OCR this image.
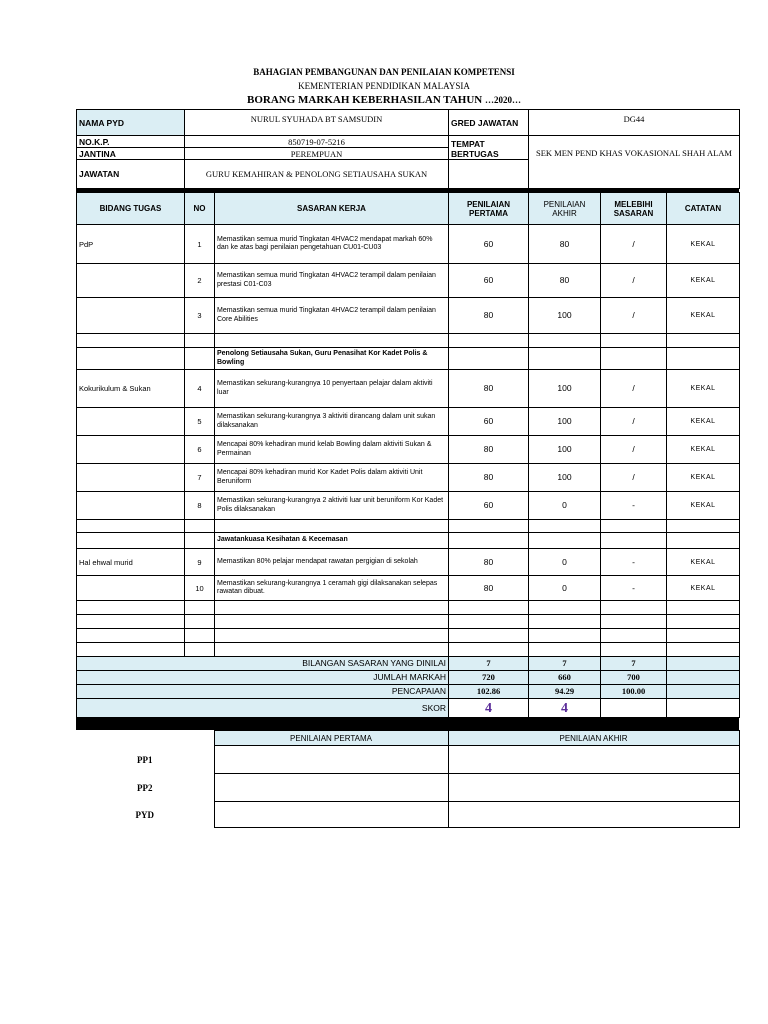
BAHAGIAN PEMBANGUNAN DAN PENILAIAN KOMPETENSI
KEMENTERIAN PENDIDIKAN MALAYSIA
BORANG MARKAH KEBERHASILAN TAHUN …2020…
NAMA PYD	NURUL SYUHADA BT SAMSUDIN	GRED JAWATAN	DG44
NO.K.P.	850719-07-5216	TEMPAT BERTUGAS	SEK MEN PEND KHAS VOKASIONAL SHAH ALAM
JANTINA	PEREMPUAN		
JAWATAN	GURU KEMAHIRAN & PENOLONG SETIAUSAHA SUKAN		
BIDANG TUGAS	NO	SASARAN KERJA	PENILAIAN PERTAMA	PENILAIAN AKHIR	MELEBIHI SASARAN	CATATAN
PdP	1	Memastikan semua murid Tingkatan 4HVAC2 mendapat markah 60% dan ke atas bagi penilaian pengetahuan CU01-CU03	60	80	/	KEKAL
	2	Memastikan semua murid Tingkatan 4HVAC2 terampil dalam penilaian prestasi C01-C03	60	80	/	KEKAL
	3	Memastikan semua murid Tingkatan 4HVAC2 terampil dalam penilaian Core Abilities	80	100	/	KEKAL

		Penolong Setiausaha Sukan, Guru Penasihat Kor Kadet Polis & Bowling				
Kokurikulum & Sukan	4	Memastikan sekurang-kurangnya 10 penyertaan pelajar dalam aktiviti luar	80	100	/	KEKAL
	5	Memastikan sekurang-kurangnya 3 aktiviti dirancang dalam unit sukan dilaksanakan	60	100	/	KEKAL
	6	Mencapai 80% kehadiran murid kelab Bowling dalam aktiviti Sukan & Permainan	80	100	/	KEKAL
	7	Mencapai 80% kehadiran murid Kor Kadet Polis dalam aktiviti Unit Beruniform	80	100	/	KEKAL
	8	Memastikan sekurang-kurangnya 2 aktiviti luar unit beruniform Kor Kadet Polis dilaksanakan	60	0	-	KEKAL

		Jawatankuasa Kesihatan & Kecemasan				
Hal ehwal murid	9	Memastikan 80% pelajar mendapat rawatan pergigian di sekolah	80	0	-	KEKAL
	10	Memastikan sekurang-kurangnya 1 ceramah gigi dilaksanakan selepas rawatan dibuat.	80	0	-	KEKAL

BILANGAN SASARAN YANG DINILAI			7	7	7	
JUMLAH MARKAH			720	660	700	
PENCAPAIAN			102.86	94.29	100.00	
SKOR			4	4		
	PENILAIAN PERTAMA	PENILAIAN AKHIR
PP1		
PP2		
PYD		
